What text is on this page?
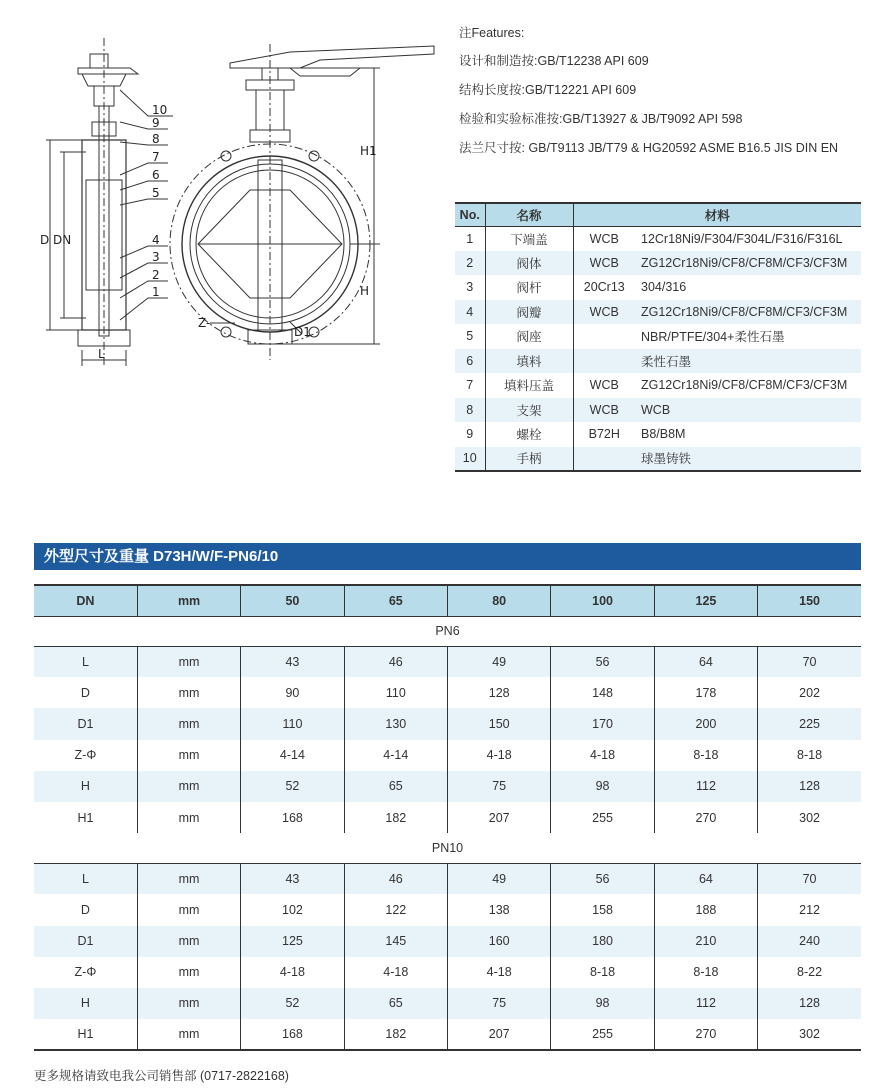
10
9
8
7
6
5
4
3
2
1
D DN
L
H1
H
Z-
D1
注Features:
设计和制造按:GB/T12238 API 609
结构长度按:GB/T12221 API 609
检验和实验标准按:GB/T13927 & JB/T9092 API 598
法兰尺寸按: GB/T9113 JB/T79 & HG20592 ASME B16.5 JIS DIN EN
No.	名称	材料	
1	下端盖	WCB	12Cr18Ni9/F304/F304L/F316/F316L
2	阀体	WCB	ZG12Cr18Ni9/CF8/CF8M/CF3/CF3M
3	阀杆	20Cr13	304/316
4	阀瓣	WCB	ZG12Cr18Ni9/CF8/CF8M/CF3/CF3M
5	阀座		NBR/PTFE/304+柔性石墨
6	填料		柔性石墨
7	填料压盖	WCB	ZG12Cr18Ni9/CF8/CF8M/CF3/CF3M
8	支架	WCB	WCB
9	螺栓	B72H	B8/B8M
10	手柄		球墨铸铁
外型尺寸及重量 D73H/W/F-PN6/10
DN	mm	50	65	80	100	125	150
PN6							
L	mm	43	46	49	56	64	70
D	mm	90	110	128	148	178	202
D1	mm	110	130	150	170	200	225
Z-Φ	mm	4-14	4-14	4-18	4-18	8-18	8-18
H	mm	52	65	75	98	112	128
H1	mm	168	182	207	255	270	302
PN10							
L	mm	43	46	49	56	64	70
D	mm	102	122	138	158	188	212
D1	mm	125	145	160	180	210	240
Z-Φ	mm	4-18	4-18	4-18	8-18	8-18	8-22
H	mm	52	65	75	98	112	128
H1	mm	168	182	207	255	270	302
更多规格请致电我公司销售部 (0717-2822168)
